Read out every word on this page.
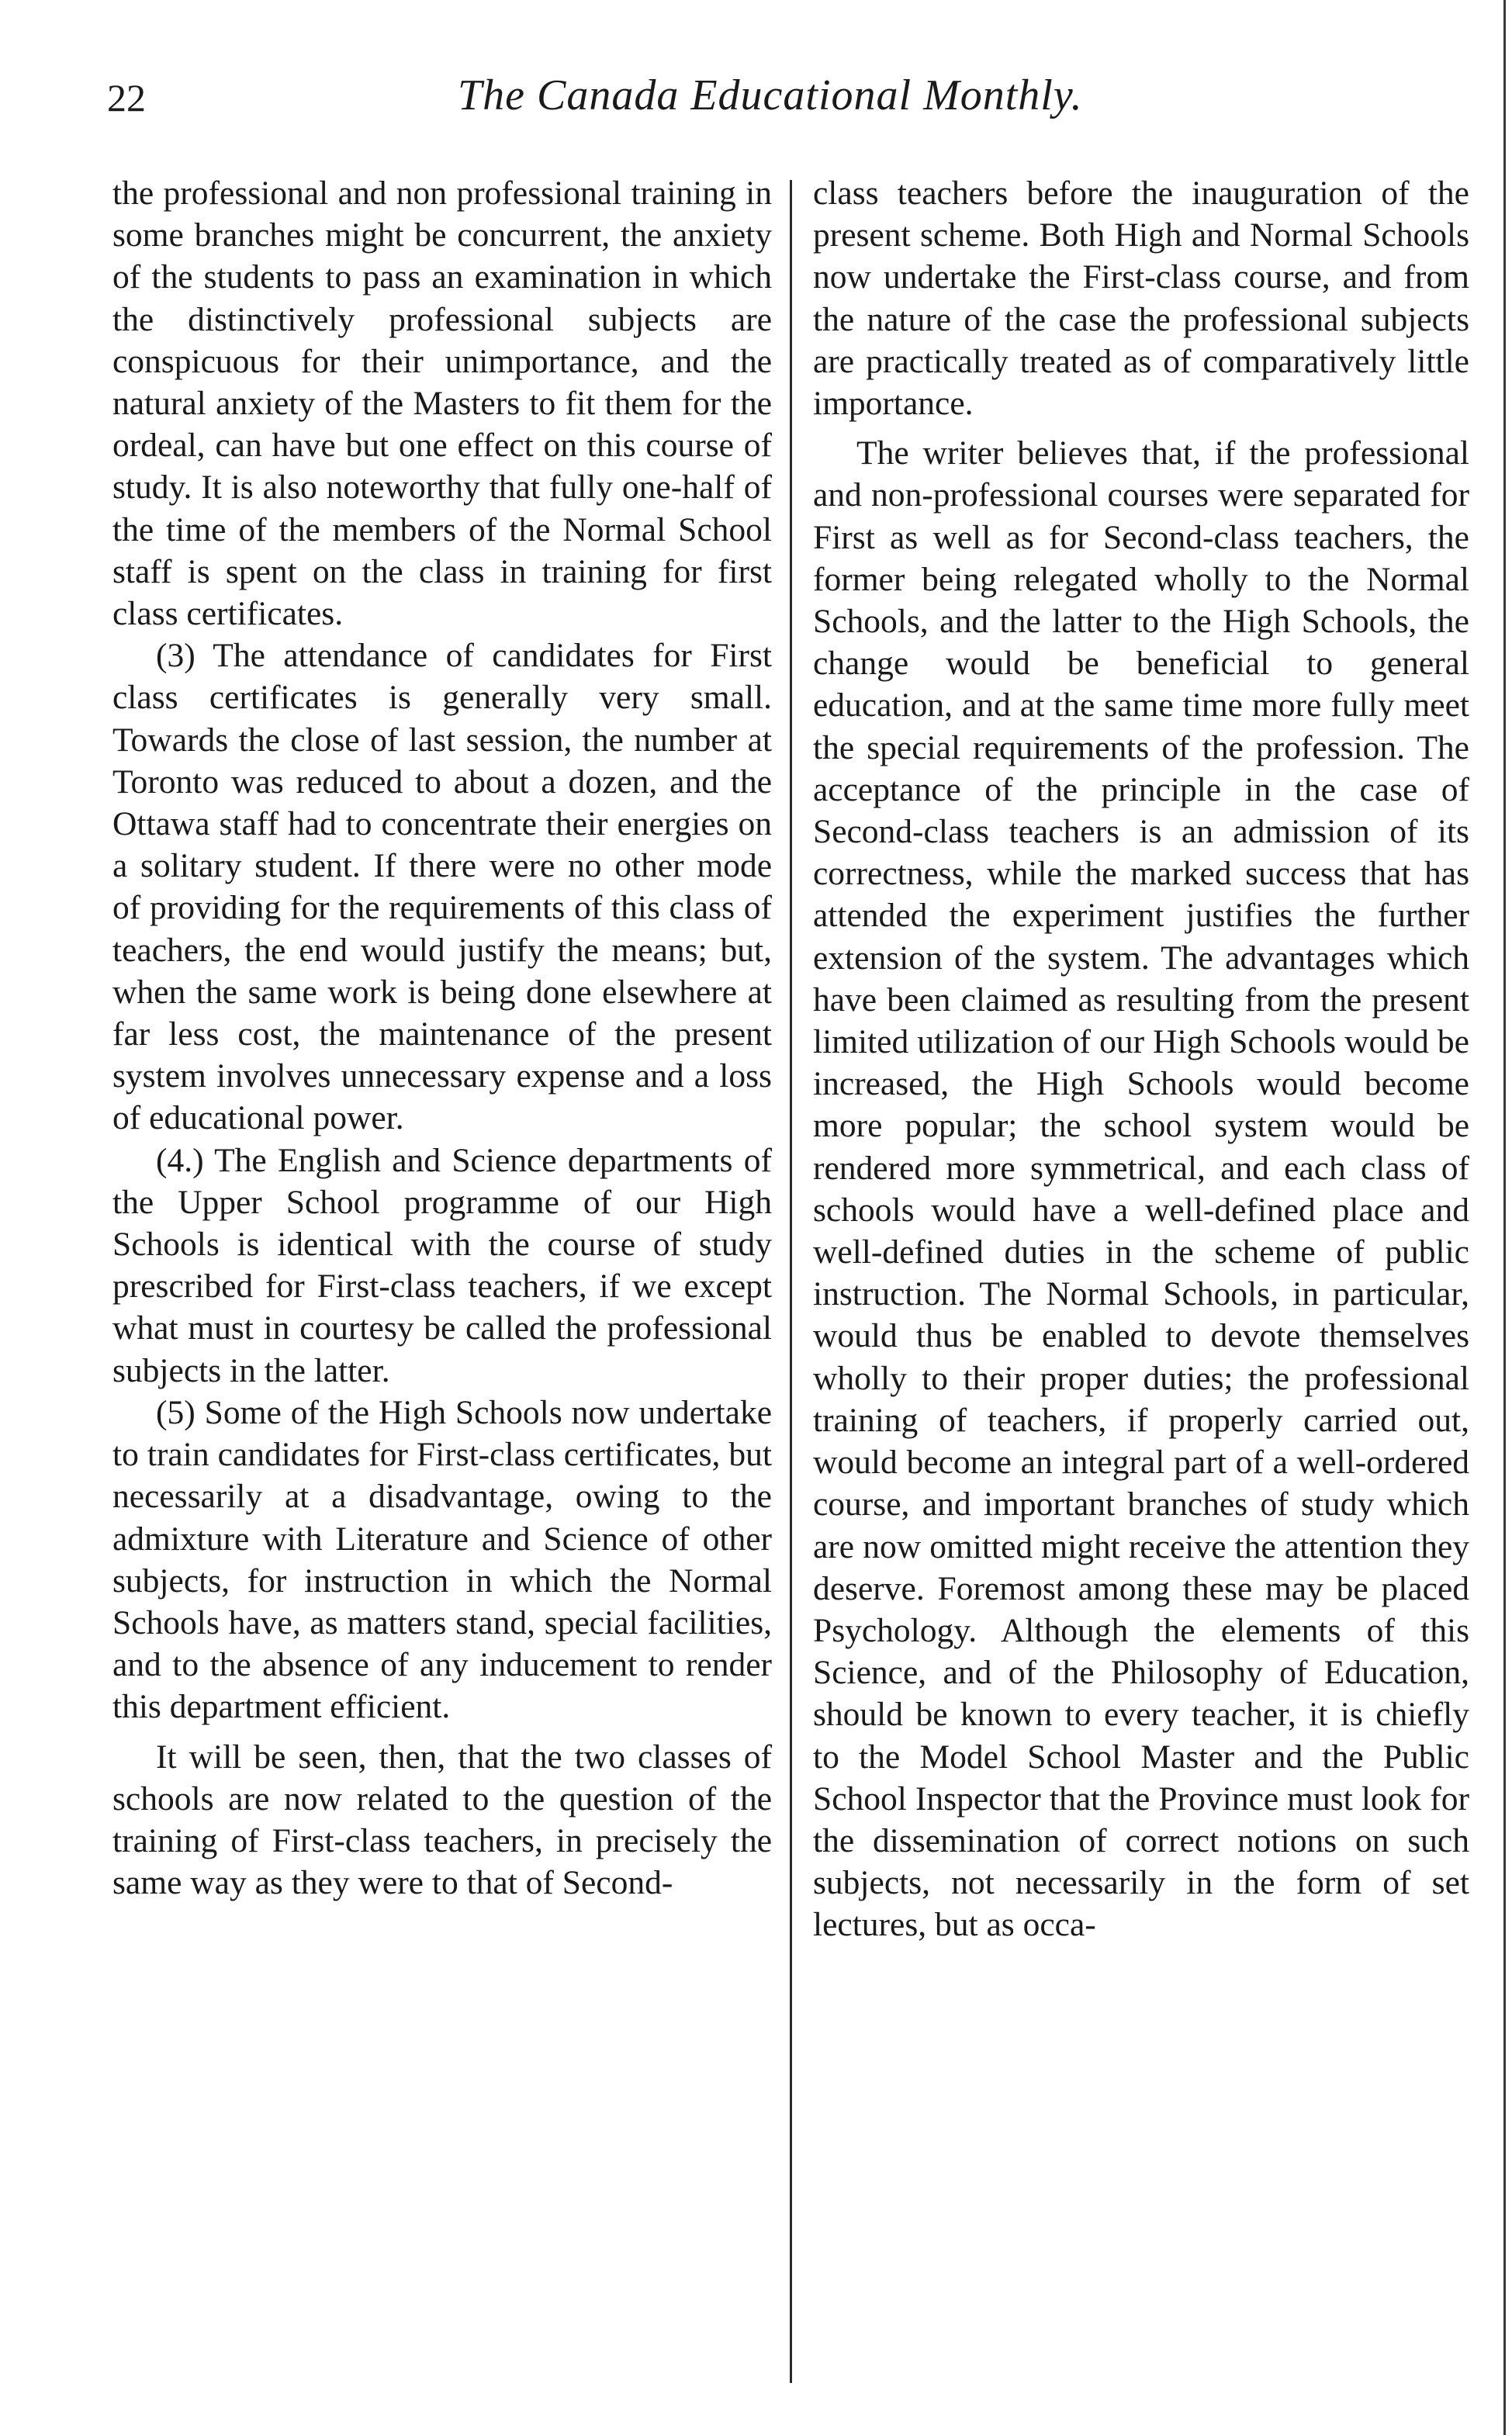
22	The Canada Educational Monthly.

the professional and non professional training in some branches might be concurrent, the anxiety of the students to pass an examination in which the distinctively professional subjects are conspicuous for their unimportance, and the natural anxiety of the Masters to fit them for the ordeal, can have but one effect on this course of study. It is also noteworthy that fully one-half of the time of the members of the Normal School staff is spent on the class in training for first class certificates.

(3) The attendance of candidates for First class certificates is generally very small. Towards the close of last session, the number at Toronto was reduced to about a dozen, and the Ottawa staff had to concentrate their energies on a solitary student. If there were no other mode of providing for the requirements of this class of teachers, the end would justify the means; but, when the same work is being done elsewhere at far less cost, the maintenance of the present system involves unnecessary expense and a loss of educational power.

(4.) The English and Science departments of the Upper School programme of our High Schools is identical with the course of study prescribed for First-class teachers, if we except what must in courtesy be called the professional subjects in the latter.

(5) Some of the High Schools now undertake to train candidates for First-class certificates, but necessarily at a disadvantage, owing to the admixture with Literature and Science of other subjects, for instruction in which the Normal Schools have, as matters stand, special facilities, and to the absence of any inducement to render this department efficient.

It will be seen, then, that the two classes of schools are now related to the question of the training of First-class teachers, in precisely the same way as they were to that of Second-

class teachers before the inauguration of the present scheme. Both High and Normal Schools now undertake the First-class course, and from the nature of the case the professional subjects are practically treated as of comparatively little importance.

The writer believes that, if the professional and non-professional courses were separated for First as well as for Second-class teachers, the former being relegated wholly to the Normal Schools, and the latter to the High Schools, the change would be beneficial to general education, and at the same time more fully meet the special requirements of the profession. The acceptance of the principle in the case of Second-class teachers is an admission of its correctness, while the marked success that has attended the experiment justifies the further extension of the system. The advantages which have been claimed as resulting from the present limited utilization of our High Schools would be increased, the High Schools would become more popular; the school system would be rendered more symmetrical, and each class of schools would have a well-defined place and well-defined duties in the scheme of public instruction. The Normal Schools, in particular, would thus be enabled to devote themselves wholly to their proper duties; the professional training of teachers, if properly carried out, would become an integral part of a well-ordered course, and important branches of study which are now omitted might receive the attention they deserve. Foremost among these may be placed Psychology. Although the elements of this Science, and of the Philosophy of Education, should be known to every teacher, it is chiefly to the Model School Master and the Public School Inspector that the Province must look for the dissemination of correct notions on such subjects, not necessarily in the form of set lectures, but as occa-
